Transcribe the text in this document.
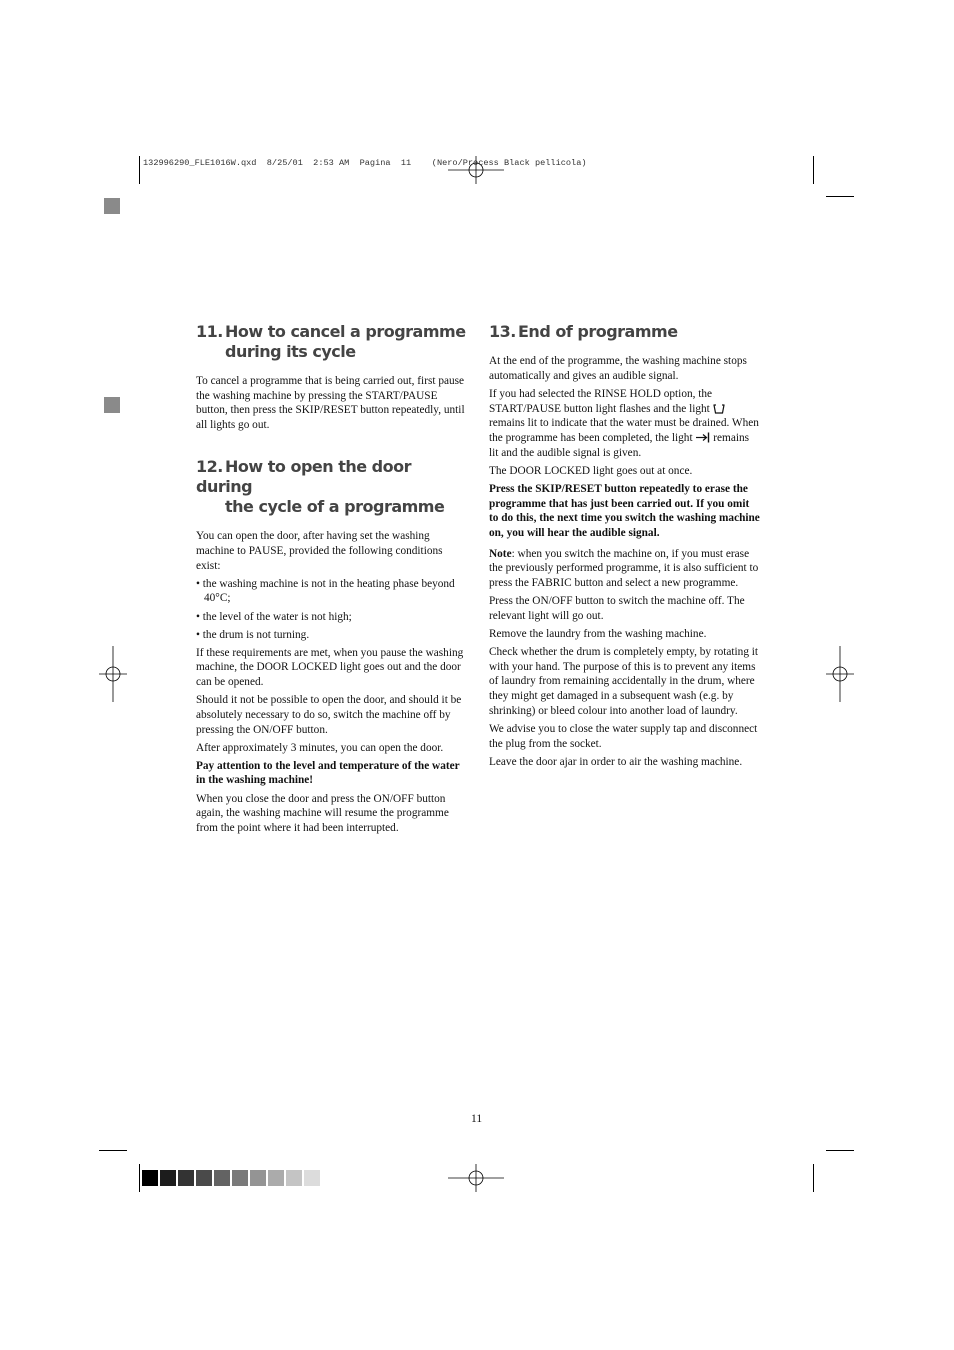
132996290_FLE1016W.qxd  8/25/01  2:53 AM  Pagina  11    (Nero/Process Black pellicola)
11. How to cancel a programme
during its cycle

To cancel a programme that is being carried out, first pause the washing machine by pressing the START/PAUSE button, then press the SKIP/RESET button repeatedly, until all lights go out.

12. How to open the door during
the cycle of a programme

You can open the door, after having set the washing machine to PAUSE, provided the following conditions exist:

• the washing machine is not in the heating phase beyond 40°C;

• the level of the water is not high;

• the drum is not turning.

If these requirements are met, when you pause the washing machine, the DOOR LOCKED light goes out and the door can be opened.

Should it not be possible to open the door, and should it be absolutely necessary to do so, switch the machine off by pressing the ON/OFF button.

After approximately 3 minutes, you can open the door.

Pay attention to the level and temperature of the water in the washing machine!

When you close the door and press the ON/OFF button again, the washing machine will resume the programme from the point where it had been interrupted.

13. End of programme

At the end of the programme, the washing machine stops automatically and gives an audible signal.

If you had selected the RINSE HOLD option, the START/PAUSE button light flashes and the light  remains lit to indicate that the water must be drained. When the programme has been completed, the light remains lit and the audible signal is given.

The DOOR LOCKED light goes out at once.

Press the SKIP/RESET button repeatedly to erase the programme that has just been carried out. If you omit to do this, the next time you switch the washing machine on, you will hear the audible signal.

Note: when you switch the machine on, if you must erase the previously performed programme, it is also sufficient to press the FABRIC button and select a new programme.

Press the ON/OFF button to switch the machine off. The relevant light will go out.

Remove the laundry from the washing machine.

Check whether the drum is completely empty, by rotating it with your hand. The purpose of this is to prevent any items of laundry from remaining accidentally in the drum, where they might get damaged in a subsequent wash (e.g. by shrinking) or bleed colour into another load of laundry.

We advise you to close the water supply tap and disconnect the plug from the socket.

Leave the door ajar in order to air the washing machine.

11
